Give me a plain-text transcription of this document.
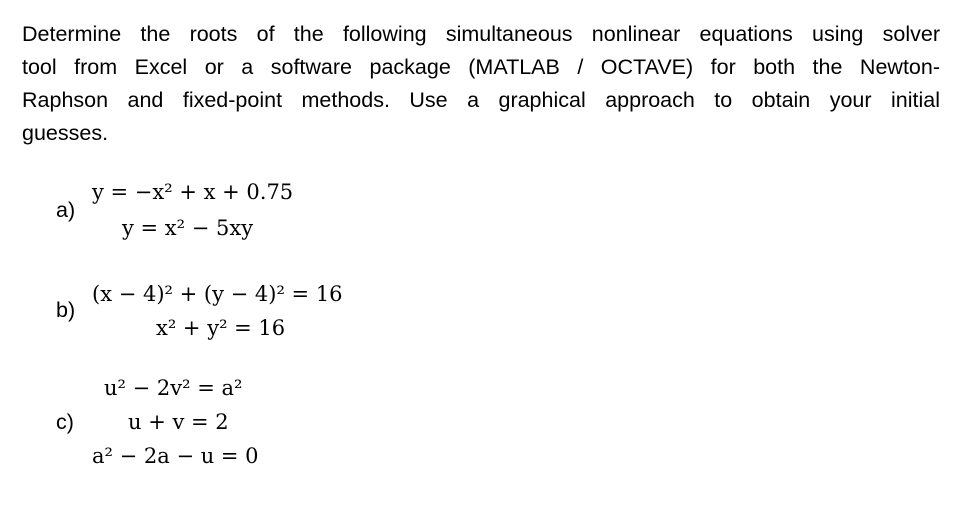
Determine the roots of the following simultaneous nonlinear equations using solver
tool from Excel or a software package (MATLAB / OCTAVE) for both the Newton-
Raphson and fixed-point methods. Use a graphical approach to obtain your initial
guesses.
a)
y = −x² + x + 0.75
y = x² − 5xy
b)
(x − 4)² + (y − 4)² = 16
x² + y² = 16
c)
u² − 2v² = a²
u + v = 2
a² − 2a − u = 0
